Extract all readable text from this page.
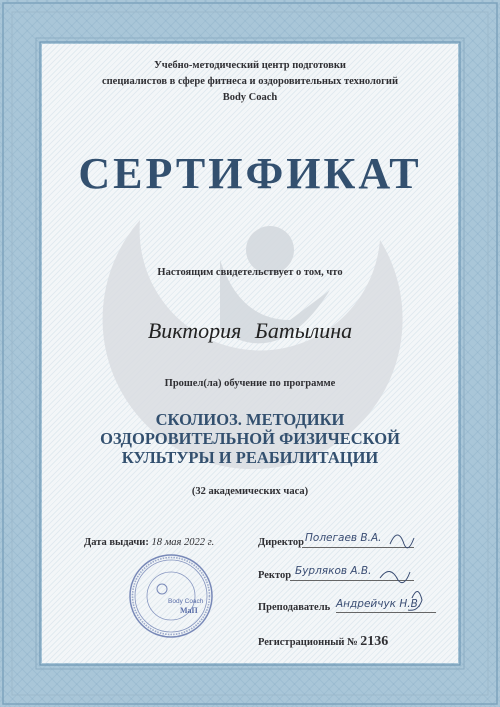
Учебно-методический центр подготовки
специалистов в сфере фитнеса и оздоровительных технологий
Body Coach
СЕРТИФИКАТ
Настоящим свидетельствует о том, что
Виктория Батылина
Прошел(ла) обучение по программе
СКОЛИОЗ. МЕТОДИКИ
ОЗДОРОВИТЕЛЬНОЙ ФИЗИЧЕСКОЙ
КУЛЬТУРЫ И РЕАБИЛИТАЦИИ
(32 академических часа)
Дата выдачи: 18 мая 2022 г.	Директор Полегаев В.А.
Ректор Бурляков А.В.
Преподаватель Андрейчук Н.В.
Регистрационный № 2136
Body Coach
МаП
